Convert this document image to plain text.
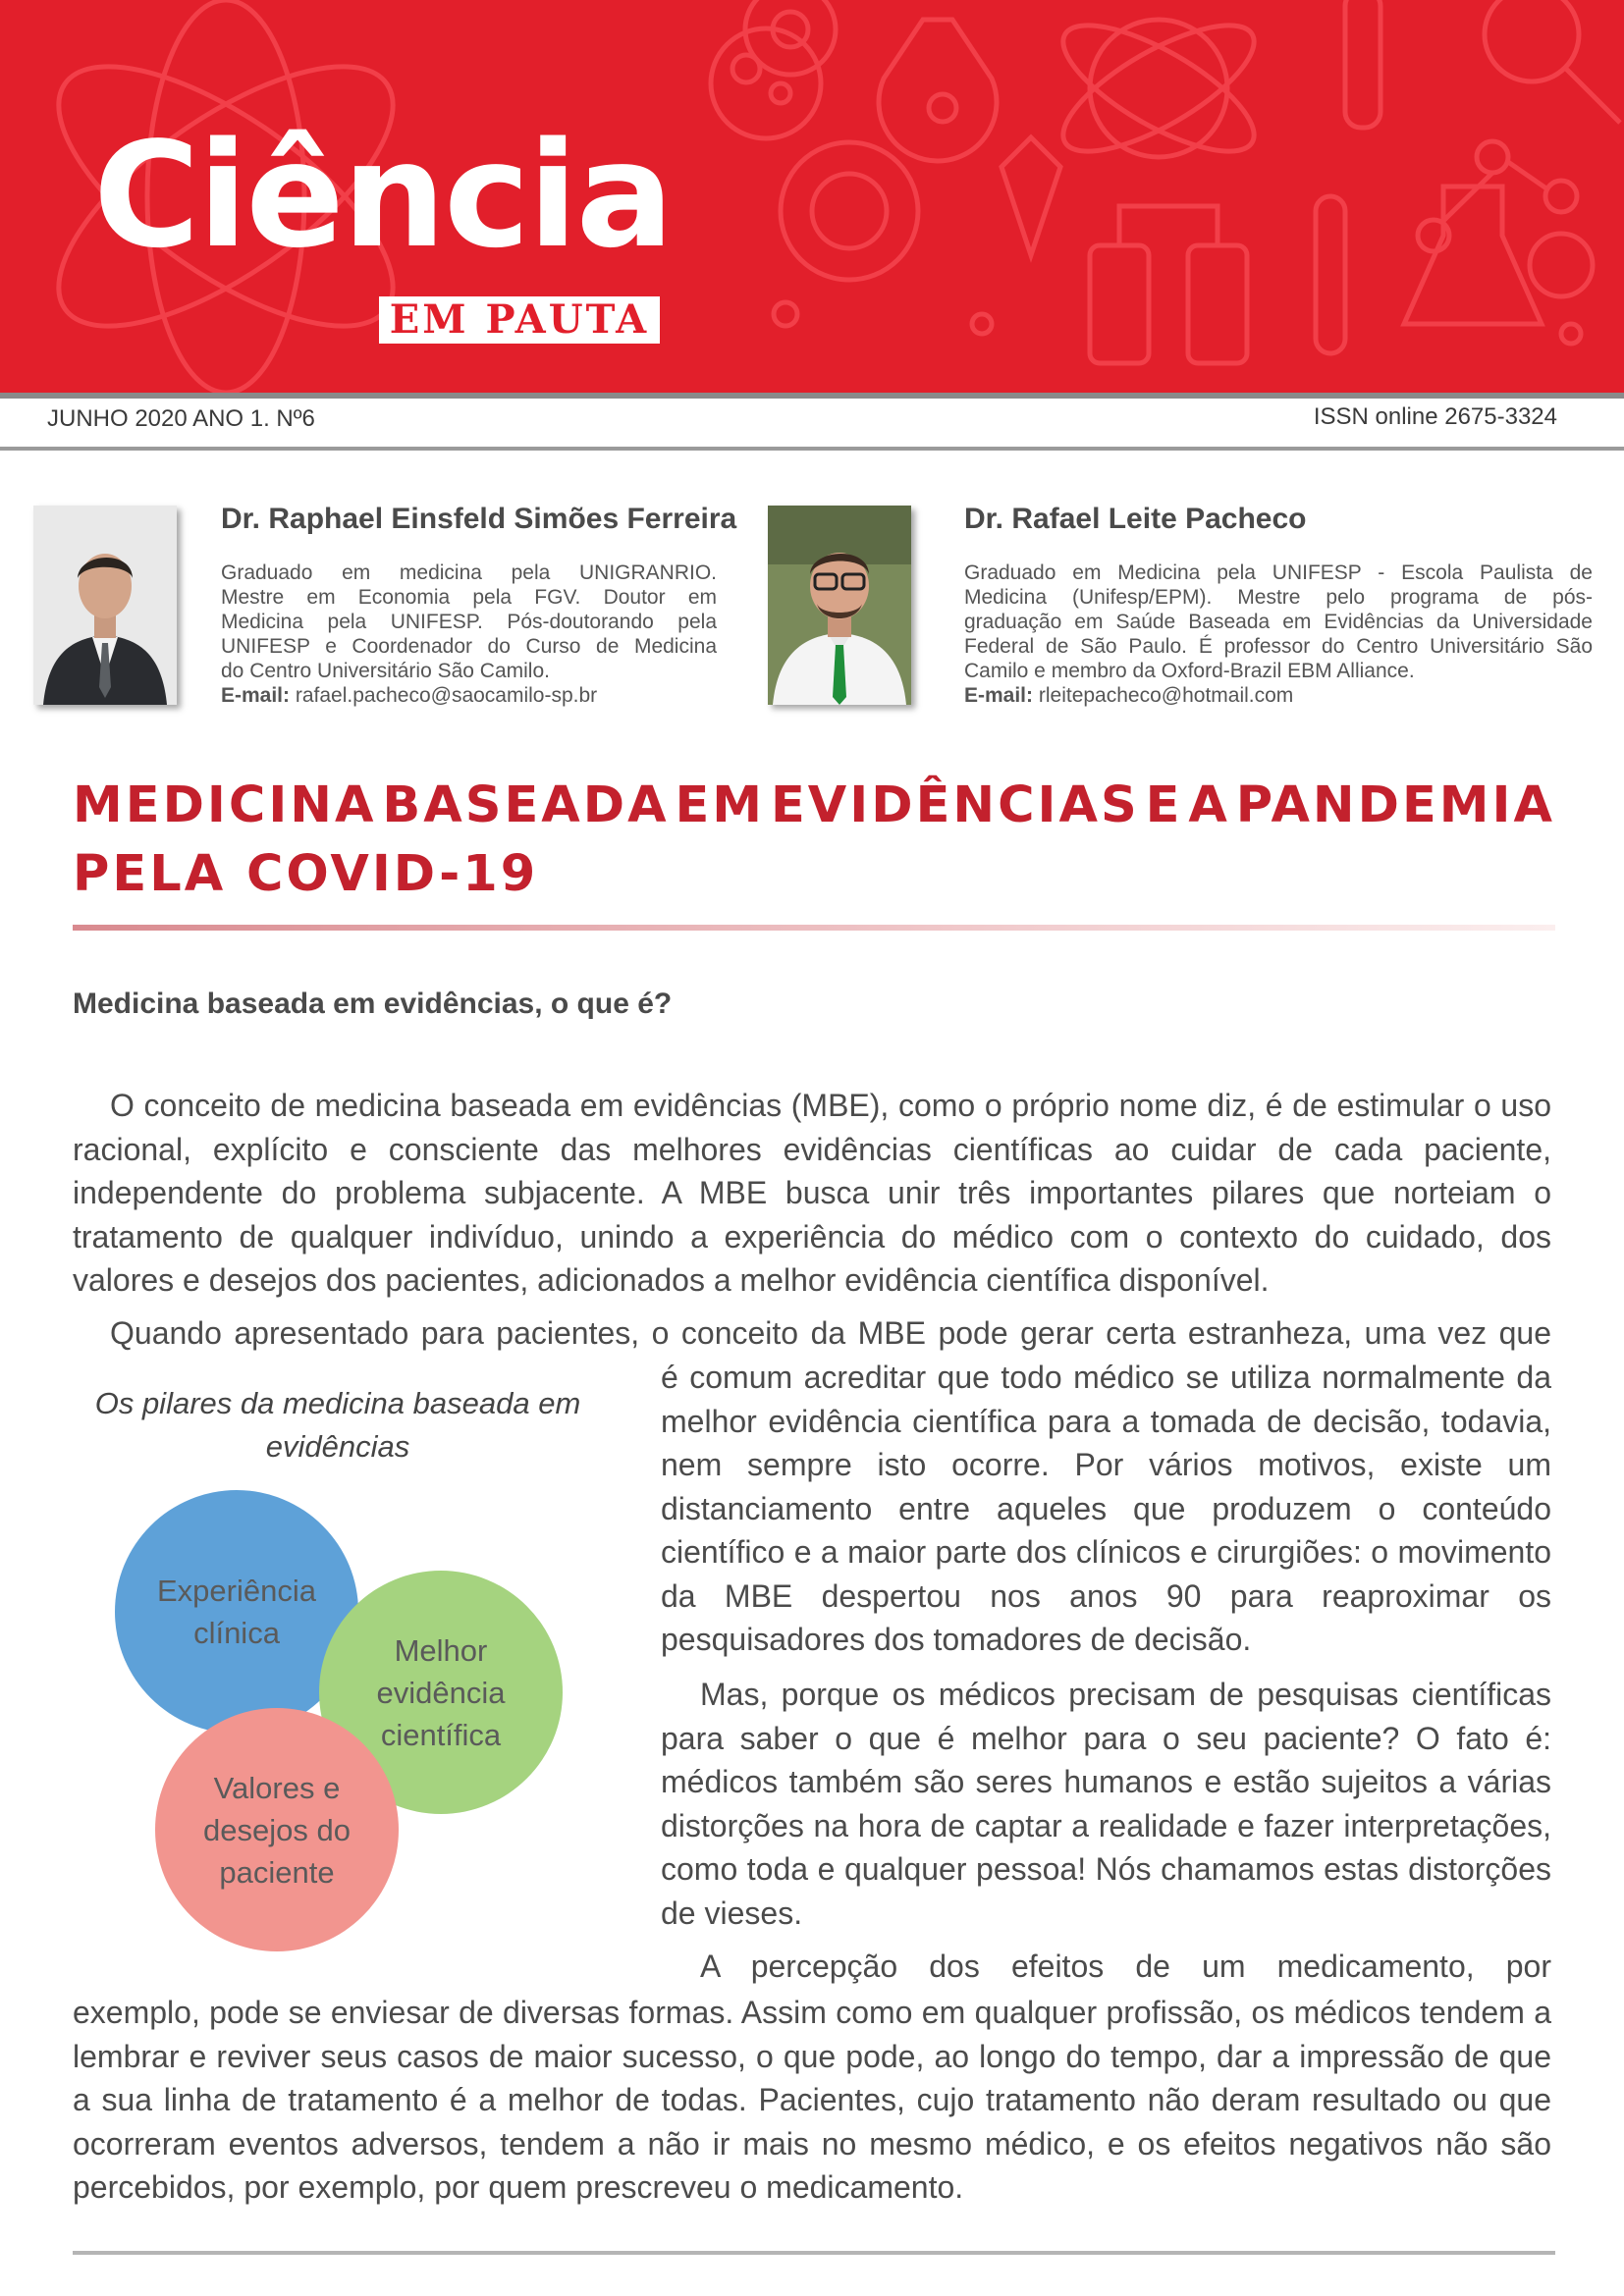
Ciência
EM PAUTA
JUNHO 2020 ANO 1. Nº6	ISSN online 2675-3324
Dr. Raphael Einsfeld Simões Ferreira
Graduado em medicina pela UNIGRANRIO.
Mestre em Economia pela FGV. Doutor em
Medicina pela UNIFESP. Pós-doutorando pela
UNIFESP e Coordenador do Curso de Medicina
do Centro Universitário São Camilo.
E-mail: rafael.pacheco@saocamilo-sp.br
Dr. Rafael Leite Pacheco
Graduado em Medicina pela UNIFESP - Escola Paulista de
Medicina (Unifesp/EPM). Mestre pelo programa de pós-
graduação em Saúde Baseada em Evidências da Universidade
Federal de São Paulo. É professor do Centro Universitário São
Camilo e membro da Oxford-Brazil EBM Alliance.
E-mail: rleitepacheco@hotmail.com
MEDICINA BASEADA EM EVIDÊNCIAS E A PANDEMIA
PELA COVID-19
Medicina baseada em evidências, o que é?
O conceito de medicina baseada em evidências (MBE), como o próprio nome diz, é de estimular o uso racional, explícito e consciente das melhores evidências científicas ao cuidar de cada paciente, independente do problema subjacente. A MBE busca unir três importantes pilares que norteiam o tratamento de qualquer indivíduo, unindo a experiência do médico com o contexto do cuidado, dos valores e desejos dos pacientes, adicionados a melhor evidência científica disponível.
Quando apresentado para pacientes, o conceito da MBE pode gerar certa estranheza, uma vez que
é comum acreditar que todo médico se utiliza normalmente da melhor evidência científica para a tomada de decisão, todavia, nem sempre isto ocorre. Por vários motivos, existe um distanciamento entre aqueles que produzem o conteúdo científico e a maior parte dos clínicos e cirurgiões: o movimento da MBE despertou nos anos 90 para reaproximar os pesquisadores dos tomadores de decisão.
Mas, porque os médicos precisam de pesquisas científicas para saber o que é melhor para o seu paciente? O fato é: médicos também são seres humanos e estão sujeitos a várias distorções na hora de captar a realidade e fazer interpretações, como toda e qualquer pessoa! Nós chamamos estas distorções de vieses.
A percepção dos efeitos de um medicamento, por
exemplo, pode se enviesar de diversas formas. Assim como em qualquer profissão, os médicos tendem a lembrar e reviver seus casos de maior sucesso, o que pode, ao longo do tempo, dar a impressão de que a sua linha de tratamento é a melhor de todas. Pacientes, cujo tratamento não deram resultado ou que ocorreram eventos adversos, tendem a não ir mais no mesmo médico, e os efeitos negativos não são percebidos, por exemplo, por quem prescreveu o medicamento.
Os pilares da medicina baseada em evidências
Experiência clínica	Melhor evidência científica
Valores e desejos do paciente
